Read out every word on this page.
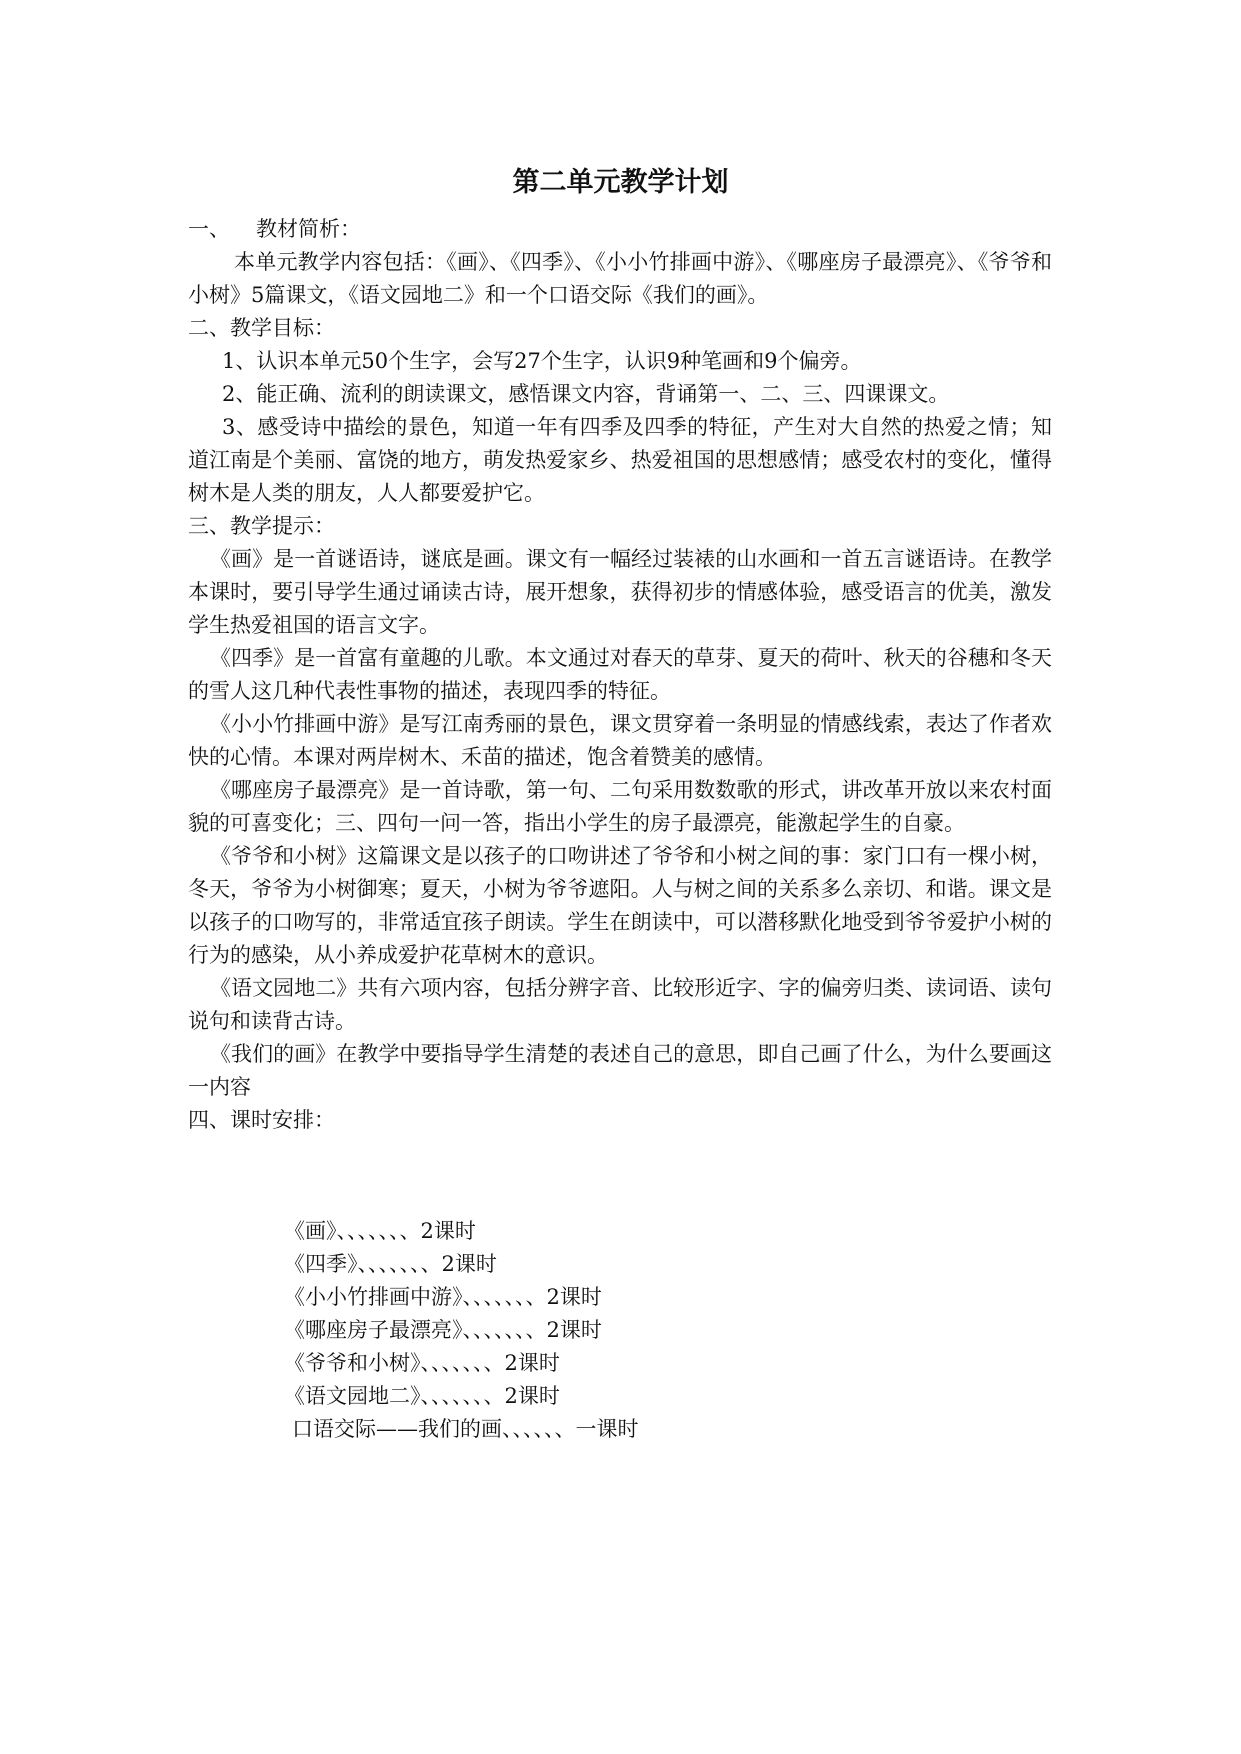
第二单元教学计划

一、 教材简析：

本单元教学内容包括：《画》、《四季》、《小小竹排画中游》、《哪座房子最漂亮》、《爷爷和小树》5篇课文，《语文园地二》和一个口语交际《我们的画》。

二、教学目标：

1、认识本单元50个生字，会写27个生字，认识9种笔画和9个偏旁。

2、能正确、流利的朗读课文，感悟课文内容，背诵第一、二、三、四课课文。

3、感受诗中描绘的景色，知道一年有四季及四季的特征，产生对大自然的热爱之情；知道江南是个美丽、富饶的地方，萌发热爱家乡、热爱祖国的思想感情；感受农村的变化，懂得树木是人类的朋友，人人都要爱护它。

三、教学提示：

《画》是一首谜语诗，谜底是画。课文有一幅经过装裱的山水画和一首五言谜语诗。在教学本课时，要引导学生通过诵读古诗，展开想象，获得初步的情感体验，感受语言的优美，激发学生热爱祖国的语言文字。

《四季》是一首富有童趣的儿歌。本文通过对春天的草芽、夏天的荷叶、秋天的谷穗和冬天的雪人这几种代表性事物的描述，表现四季的特征。

《小小竹排画中游》是写江南秀丽的景色，课文贯穿着一条明显的情感线索，表达了作者欢快的心情。本课对两岸树木、禾苗的描述，饱含着赞美的感情。

《哪座房子最漂亮》是一首诗歌，第一句、二句采用数数歌的形式，讲改革开放以来农村面貌的可喜变化；三、四句一问一答，指出小学生的房子最漂亮，能激起学生的自豪。

《爷爷和小树》这篇课文是以孩子的口吻讲述了爷爷和小树之间的事：家门口有一棵小树，冬天，爷爷为小树御寒；夏天，小树为爷爷遮阳。人与树之间的关系多么亲切、和谐。课文是以孩子的口吻写的，非常适宜孩子朗读。学生在朗读中，可以潜移默化地受到爷爷爱护小树的行为的感染，从小养成爱护花草树木的意识。

《语文园地二》共有六项内容，包括分辨字音、比较形近字、字的偏旁归类、读词语、读句说句和读背古诗。

《我们的画》在教学中要指导学生清楚的表述自己的意思，即自己画了什么，为什么要画这一内容

四、课时安排：

《画》、、、、、、、2课时

《四季》、、、、、、、2课时

《小小竹排画中游》、、、、、、、2课时

《哪座房子最漂亮》、、、、、、、2课时

《爷爷和小树》、、、、、、、2课时

《语文园地二》、、、、、、、2课时

口语交际——我们的画、、、、、、一课时
